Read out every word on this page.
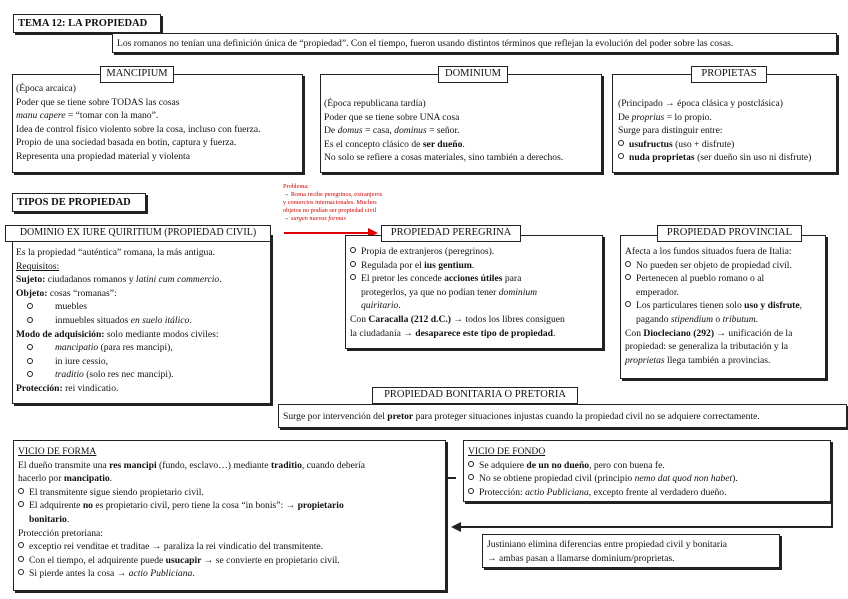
TEMA 12: LA PROPIEDAD
Los romanos no tenían una definición única de “propiedad”. Con el tiempo, fueron usando distintos términos que reflejan la evolución del poder sobre las cosas.
(Época arcaica)
Poder que se tiene sobre TODAS las cosas
manu capere = “tomar con la mano”.
Idea de control físico violento sobre la cosa, incluso con fuerza.
Propio de una sociedad basada en botín, captura y fuerza.
Representa una propiedad material y violenta
MANCIPIUM
(Época republicana tardía)
Poder que se tiene sobre UNA cosa
De domus = casa, dominus = señor.
Es el concepto clásico de ser dueño.
No solo se refiere a cosas materiales, sino también a derechos.
DOMINIUM
(Principado → época clásica y postclásica)
De proprius = lo propio.
Surge para distinguir entre:
usufructus (uso + disfrute)
nuda proprietas (ser dueño sin uso ni disfrute)
PROPIETAS
TIPOS DE PROPIEDAD
Problema:
→ Roma recibe peregrinos, extranjeros
y comercios internacionales. Muchos
objetos no podían ser propiedad civil
→ surgen nuevas formas
Es la propiedad “auténtica” romana, la más antigua.
Requisitos:
Sujeto: ciudadanos romanos y latini cum commercio.
Objeto: cosas “romanas”:
muebles
inmuebles situados en suelo itálico.
Modo de adquisición: solo mediante modos civiles:
mancipatio (para res mancipi),
in iure cessio,
traditio (solo res nec mancipi).
Protección: rei vindicatio.
DOMINIO EX IURE QUIRITIUM (PROPIEDAD CIVIL)
Propia de extranjeros (peregrinos).
Regulada por el ius gentium.
El pretor les concede acciones útiles para
protegerlos, ya que no podían tener dominium
quiritario.
Con Caracalla (212 d.C.) → todos los libres consiguen
la ciudadanía → desaparece este tipo de propiedad.
PROPIEDAD PEREGRINA
Afecta a los fundos situados fuera de Italia:
No pueden ser objeto de propiedad civil.
Pertenecen al pueblo romano o al
emperador.
Los particulares tienen solo uso y disfrute,
pagando stipendium o tributum.
Con Diocleciano (292) → unificación de la
propiedad: se generaliza la tributación y la
proprietas llega también a provincias.
PROPIEDAD PROVINCIAL
Surge por intervención del pretor para proteger situaciones injustas cuando la propiedad civil no se adquiere correctamente.
PROPIEDAD BONITARIA O PRETORIA
VICIO DE FORMA
El dueño transmite una res mancipi (fundo, esclavo…) mediante traditio, cuando debería
hacerlo por mancipatio.
El transmitente sigue siendo propietario civil.
El adquirente no es propietario civil, pero tiene la cosa “in bonis”: → propietario
bonitario.
Protección pretoriana:
exceptio rei venditae et traditae → paraliza la rei vindicatio del transmitente.
Con el tiempo, el adquirente puede usucapir → se convierte en propietario civil.
Si pierde antes la cosa → actio Publiciana.
VICIO DE FONDO
Se adquiere de un no dueño, pero con buena fe.
No se obtiene propiedad civil (principio nemo dat quod non habet).
Protección: actio Publiciana, excepto frente al verdadero dueño.
Justiniano elimina diferencias entre propiedad civil y bonitaria
→ ambas pasan a llamarse dominium/proprietas.
